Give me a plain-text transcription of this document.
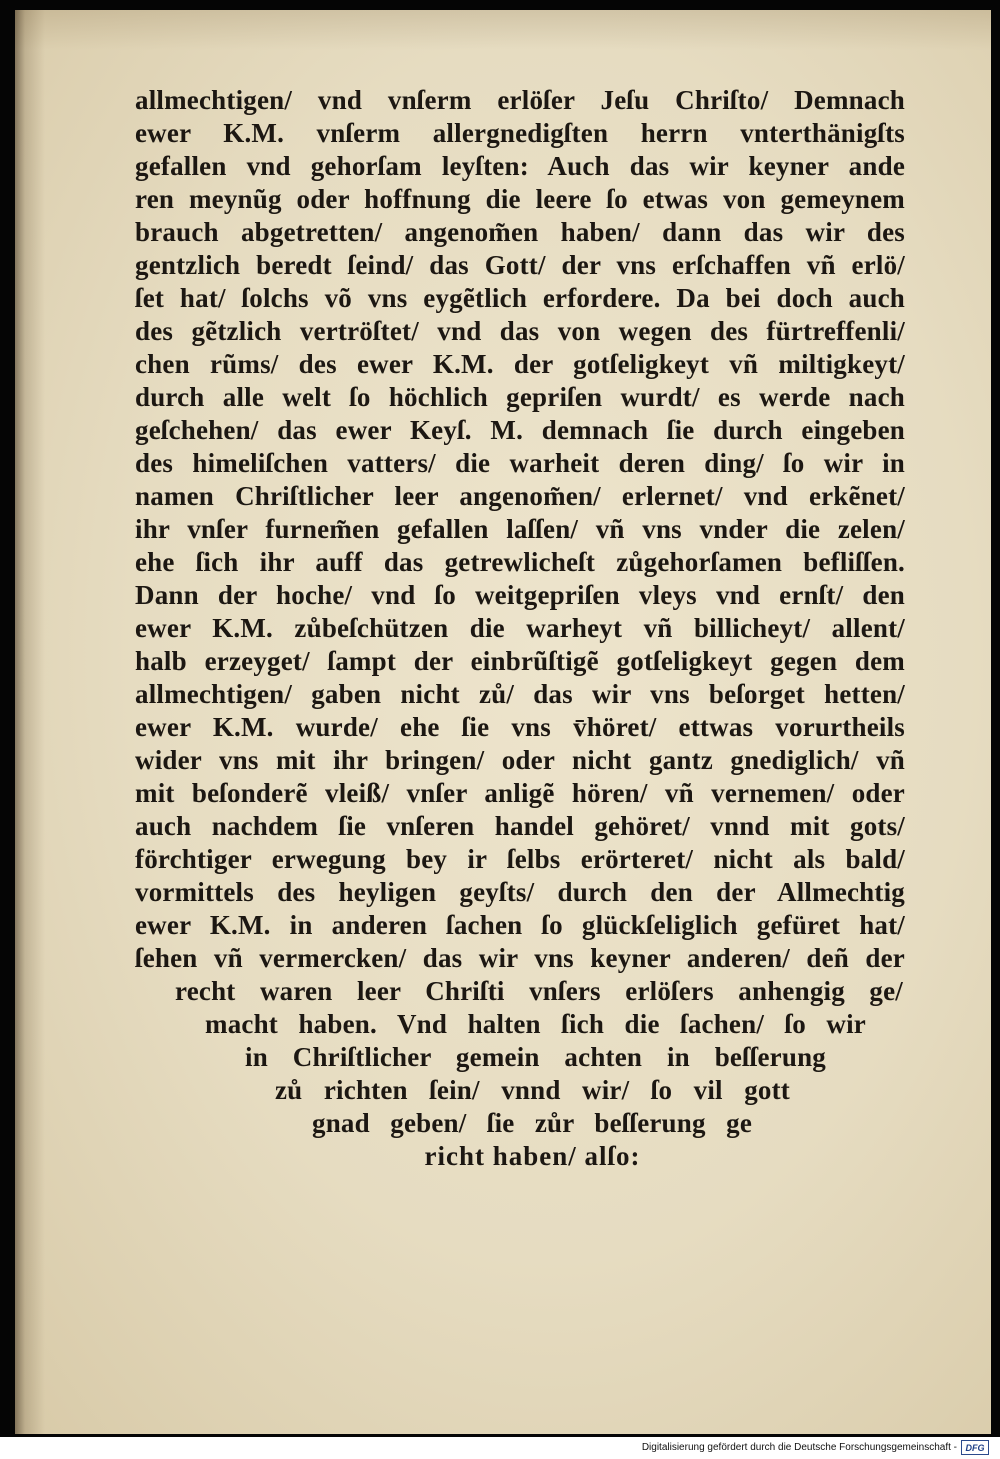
allmechtigen/ vnd vnſerm erlöſer Jeſu Chriſto/ Demnach
ewer K.M. vnſerm allergnedigſten herrn vnterthänigſts
gefallen vnd gehorſam leyſten: Auch das wir keyner ande
ren meynũg oder hoffnung die leere ſo etwas von gemeynem
brauch abgetretten/ angenom̃en haben/ dann das wir des
gentzlich beredt ſeind/ das Gott/ der vns erſchaffen vñ erlö/
ſet hat/ ſolchs võ vns eygẽtlich erfordere. Da bei doch auch
des gẽtzlich vertröſtet/ vnd das von wegen des fürtreffenli/
chen rũms/ des ewer K.M. der gotſeligkeyt vñ miltigkeyt/
durch alle welt ſo höchlich gepriſen wurdt/ es werde nach
geſchehen/ das ewer Keyſ. M. demnach ſie durch eingeben
des himeliſchen vatters/ die warheit deren ding/ ſo wir in
namen Chriſtlicher leer angenom̃en/ erlernet/ vnd erkẽnet/
ihr vnſer furnem̃en gefallen laſſen/ vñ vns vnder die zelen/
ehe ſich ihr auff das getrewlicheſt zůgehorſamen befliſſen.
Dann der hoche/ vnd ſo weitgepriſen vleys vnd ernſt/ den
ewer K.M. zůbeſchützen die warheyt vñ billicheyt/ allent/
halb erzeyget/ ſampt der einbrũſtigẽ gotſeligkeyt gegen dem
allmechtigen/ gaben nicht zů/ das wir vns beſorget hetten/
ewer K.M. wurde/ ehe ſie vns v̄höret/ ettwas vorurtheils
wider vns mit ihr bringen/ oder nicht gantz gnediglich/ vñ
mit beſonderẽ vleiß/ vnſer anligẽ hören/ vñ vernemen/ oder
auch nachdem ſie vnſeren handel gehöret/ vnnd mit gots/
förchtiger erwegung bey ir ſelbs erörteret/ nicht als bald/
vormittels des heyligen geyſts/ durch den der Allmechtig
ewer K.M. in anderen ſachen ſo glückſeliglich gefüret hat/
ſehen vñ vermercken/ das wir vns keyner anderen/ deñ der
recht waren leer Chriſti vnſers erlöſers anhengig ge/
macht haben. Vnd halten ſich die ſachen/ ſo wir
in Chriſtlicher gemein achten in beſſerung
zů richten ſein/ vnnd wir/ ſo vil gott
gnad geben/ ſie zůr beſſerung ge
richt haben/ alſo:
Digitalisierung gefördert durch die Deutsche Forschungsgemeinschaft - DFG
